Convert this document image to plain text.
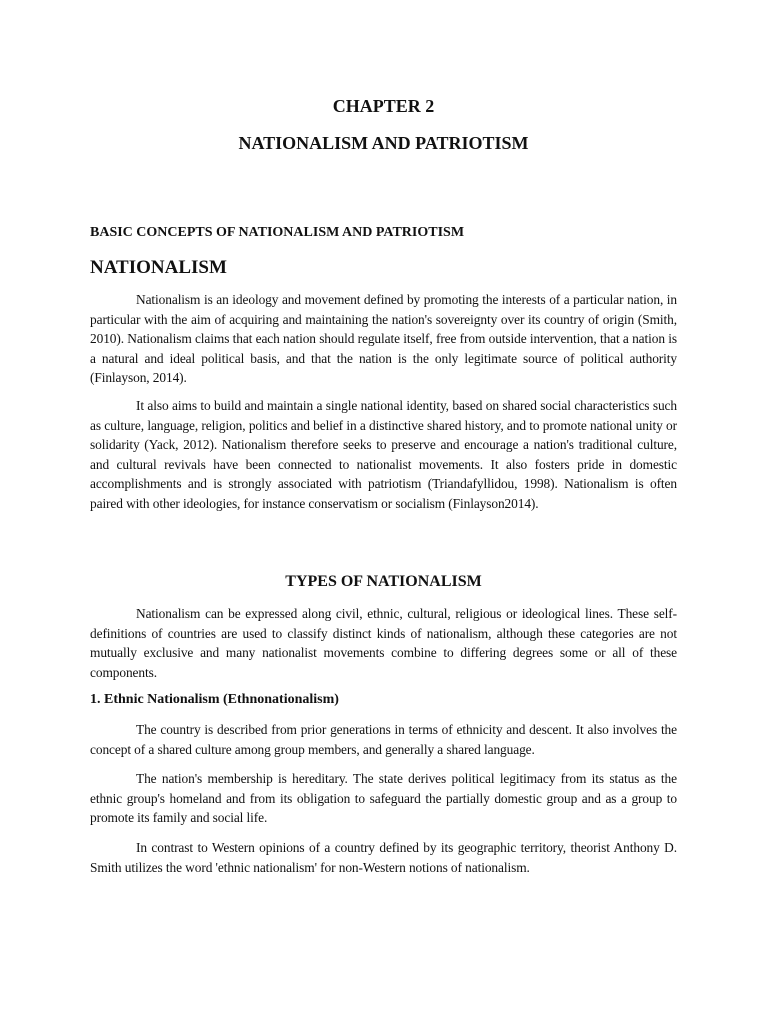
CHAPTER 2
NATIONALISM AND PATRIOTISM
BASIC CONCEPTS OF NATIONALISM AND PATRIOTISM
NATIONALISM

Nationalism is an ideology and movement defined by promoting the interests of a particular nation, in particular with the aim of acquiring and maintaining the nation's sovereignty over its country of origin (Smith, 2010). Nationalism claims that each nation should regulate itself, free from outside intervention, that a nation is a natural and ideal political basis, and that the nation is the only legitimate source of political authority (Finlayson, 2014).

It also aims to build and maintain a single national identity, based on shared social characteristics such as culture, language, religion, politics and belief in a distinctive shared history, and to promote national unity or solidarity (Yack, 2012). Nationalism therefore seeks to preserve and encourage a nation's traditional culture, and cultural revivals have been connected to nationalist movements. It also fosters pride in domestic accomplishments and is strongly associated with patriotism (Triandafyllidou, 1998). Nationalism is often paired with other ideologies, for instance conservatism or socialism (Finlayson2014).

TYPES OF NATIONALISM

Nationalism can be expressed along civil, ethnic, cultural, religious or ideological lines. These self-definitions of countries are used to classify distinct kinds of nationalism, although these categories are not mutually exclusive and many nationalist movements combine to differing degrees some or all of these components.

1. Ethnic Nationalism (Ethnonationalism)

The country is described from prior generations in terms of ethnicity and descent. It also involves the concept of a shared culture among group members, and generally a shared language.

The nation's membership is hereditary. The state derives political legitimacy from its status as the ethnic group's homeland and from its obligation to safeguard the partially domestic group and as a group to promote its family and social life.

In contrast to Western opinions of a country defined by its geographic territory, theorist Anthony D. Smith utilizes the word 'ethnic nationalism' for non-Western notions of nationalism.
